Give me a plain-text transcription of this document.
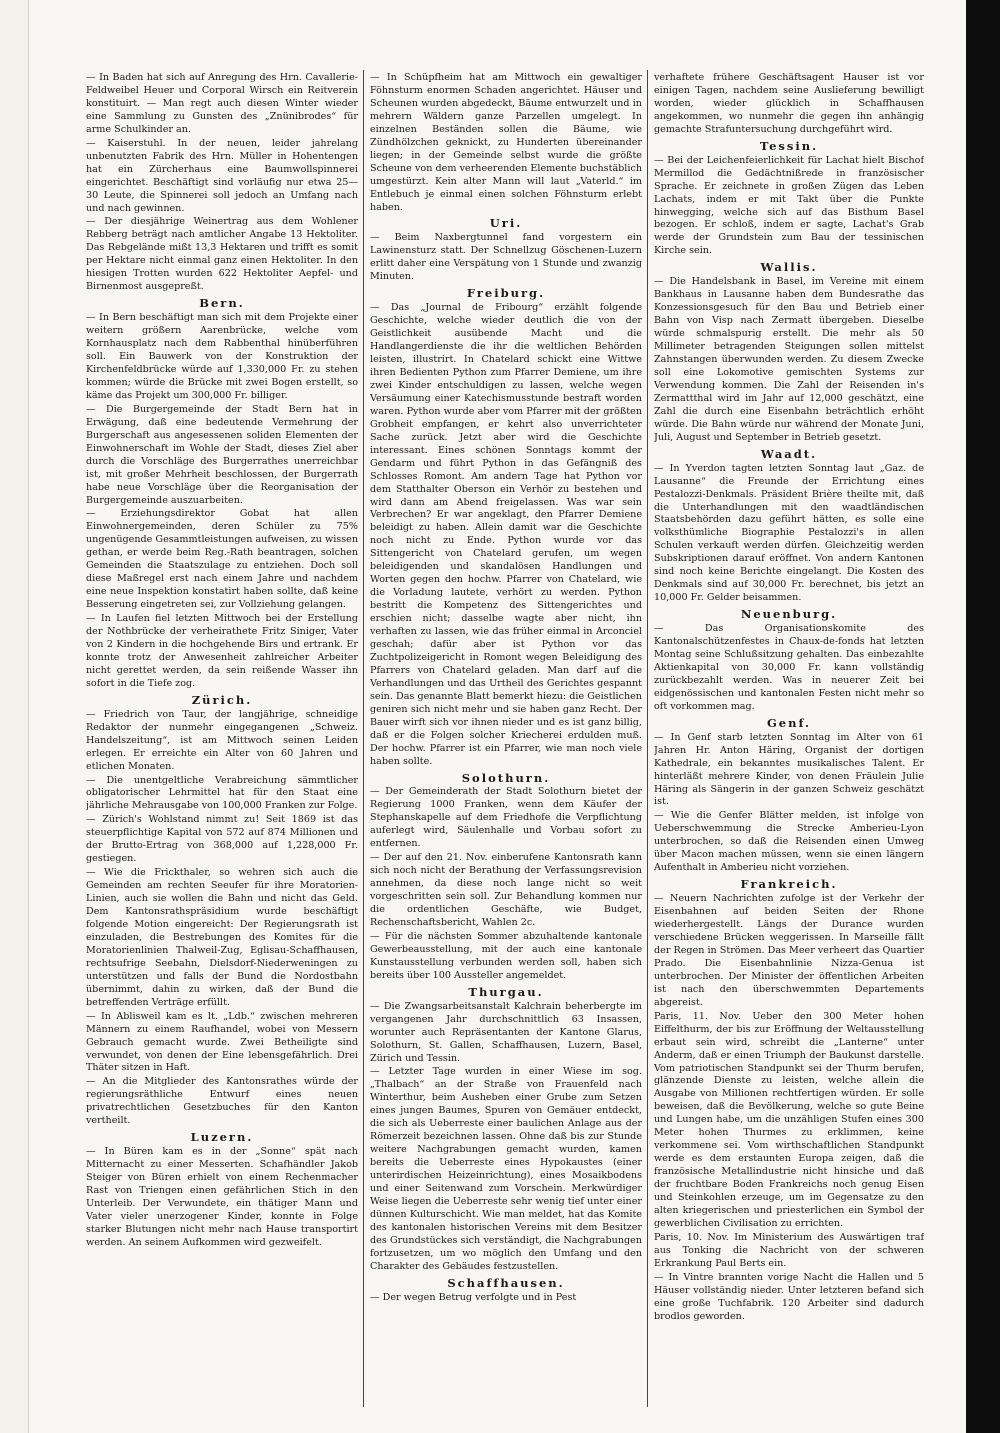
— In Baden hat sich auf Anregung des Hrn. Cavallerie-Feldweibel Heuer und Corporal Wirsch ein Reitverein konstituirt. — Man regt auch diesen Winter wieder eine Sammlung zu Gunsten des „Znünibrodes“ für arme Schulkinder an.

— Kaiserstuhl. In der neuen, leider jahrelang unbenutzten Fabrik des Hrn. Müller in Hohentengen hat ein Zürcherhaus eine Baumwollspinnerei eingerichtet. Beschäftigt sind vorläufig nur etwa 25—30 Leute, die Spinnerei soll jedoch an Umfang nach und nach gewinnen.

— Der diesjährige Weinertrag aus dem Wohlener Rebberg beträgt nach amtlicher Angabe 13 Hektoliter. Das Rebgelände mißt 13,3 Hektaren und trifft es somit per Hektare nicht einmal ganz einen Hektoliter. In den hiesigen Trotten wurden 622 Hektoliter Aepfel- und Birnenmost ausgepreßt.

Bern.

— In Bern beschäftigt man sich mit dem Projekte einer weitern größern Aarenbrücke, welche vom Kornhausplatz nach dem Rabbenthal hinüberführen soll. Ein Bauwerk von der Konstruktion der Kirchenfeldbrücke würde auf 1,330,000 Fr. zu stehen kommen; würde die Brücke mit zwei Bogen erstellt, so käme das Projekt um 300,000 Fr. billiger.

— Die Burgergemeinde der Stadt Bern hat in Erwägung, daß eine bedeutende Vermehrung der Burgerschaft aus angesessenen soliden Elementen der Einwohnerschaft im Wohle der Stadt, dieses Ziel aber durch die Vorschläge des Burgerrathes unerreichbar ist, mit großer Mehrheit beschlossen, der Burgerrath habe neue Vorschläge über die Reorganisation der Burgergemeinde auszuarbeiten.

— Erziehungsdirektor Gobat hat allen Einwohnergemeinden, deren Schüler zu 75% ungenügende Gesammtleistungen aufweisen, zu wissen gethan, er werde beim Reg.-Rath beantragen, solchen Gemeinden die Staatszulage zu entziehen. Doch soll diese Maßregel erst nach einem Jahre und nachdem eine neue Inspektion konstatirt haben sollte, daß keine Besserung eingetreten sei, zur Vollziehung gelangen.

— In Laufen fiel letzten Mittwoch bei der Erstellung der Nothbrücke der verheirathete Fritz Siniger, Vater von 2 Kindern in die hochgehende Birs und ertrank. Er konnte trotz der Anwesenheit zahlreicher Arbeiter nicht gerettet werden, da sein reißende Wasser ihn sofort in die Tiefe zog.

Zürich.

— Friedrich von Taur, der langjährige, schneidige Redaktor der nunmehr eingegangenen „Schweiz. Handelszeitung“, ist am Mittwoch seinen Leiden erlegen. Er erreichte ein Alter von 60 Jahren und etlichen Monaten.

— Die unentgeltliche Verabreichung sämmtlicher obligatorischer Lehrmittel hat für den Staat eine jährliche Mehrausgabe von 100,000 Franken zur Folge.

— Zürich's Wohlstand nimmt zu! Seit 1869 ist das steuerpflichtige Kapital von 572 auf 874 Millionen und der Brutto-Ertrag von 368,000 auf 1,228,000 Fr. gestiegen.

— Wie die Frickthaler, so wehren sich auch die Gemeinden am rechten Seeufer für ihre Moratorien-Linien, auch sie wollen die Bahn und nicht das Geld. Dem Kantonsrathspräsidium wurde beschäftigt folgende Motion eingereicht: Der Regierungsrath ist einzuladen, die Bestrebungen des Komites für die Moratorienlinien Thalweil-Zug, Eglisau-Schaffhausen, rechtsufrige Seebahn, Dielsdorf-Niederweningen zu unterstützen und falls der Bund die Nordostbahn übernimmt, dahin zu wirken, daß der Bund die betreffenden Verträge erfüllt.

— In Ablisweil kam es lt. „Ldb.“ zwischen mehreren Männern zu einem Raufhandel, wobei von Messern Gebrauch gemacht wurde. Zwei Betheiligte sind verwundet, von denen der Eine lebensgefährlich. Drei Thäter sitzen in Haft.

— An die Mitglieder des Kantonsrathes würde der regierungsräthliche Entwurf eines neuen privatrechtlichen Gesetzbuches für den Kanton vertheilt.

Luzern.

— In Büren kam es in der „Sonne“ spät nach Mitternacht zu einer Messerten. Schafhändler Jakob Steiger von Büren erhielt von einem Rechenmacher Rast von Triengen einen gefährlichen Stich in den Unterleib. Der Verwundete, ein thätiger Mann und Vater vieler unerzogener Kinder, konnte in Folge starker Blutungen nicht mehr nach Hause transportirt werden. An seinem Aufkommen wird gezweifelt.

— In Schüpfheim hat am Mittwoch ein gewaltiger Föhnsturm enormen Schaden angerichtet. Häuser und Scheunen wurden abgedeckt, Bäume entwurzelt und in mehrern Wäldern ganze Parzellen umgelegt. In einzelnen Beständen sollen die Bäume, wie Zündhölzchen geknickt, zu Hunderten übereinander liegen; in der Gemeinde selbst wurde die größte Scheune von dem verheerenden Elemente buchstäblich umgestürzt. Kein alter Mann will laut „Vaterld.“ im Entlebuch je einmal einen solchen Föhnsturm erlebt haben.

Uri.

— Beim Naxbergtunnel fand vorgestern ein Lawinensturz statt. Der Schnellzug Göschenen-Luzern erlitt daher eine Verspätung von 1 Stunde und zwanzig Minuten.

Freiburg.

— Das „Journal de Fribourg“ erzählt folgende Geschichte, welche wieder deutlich die von der Geistlichkeit ausübende Macht und die Handlangerdienste die ihr die weltlichen Behörden leisten, illustrirt. In Chatelard schickt eine Wittwe ihren Bedienten Python zum Pfarrer Demiene, um ihre zwei Kinder entschuldigen zu lassen, welche wegen Versäumung einer Katechismusstunde bestraft worden waren. Python wurde aber vom Pfarrer mit der größten Grobheit empfangen, er kehrt also unverrichteter Sache zurück. Jetzt aber wird die Geschichte interessant. Eines schönen Sonntags kommt der Gendarm und führt Python in das Gefängniß des Schlosses Romont. Am andern Tage hat Python vor dem Statthalter Oberson ein Verhör zu bestehen und wird dann am Abend freigelassen. Was war sein Verbrechen? Er war angeklagt, den Pfarrer Demiene beleidigt zu haben. Allein damit war die Geschichte noch nicht zu Ende. Python wurde vor das Sittengericht von Chatelard gerufen, um wegen beleidigenden und skandalösen Handlungen und Worten gegen den hochw. Pfarrer von Chatelard, wie die Vorladung lautete, verhört zu werden. Python bestritt die Kompetenz des Sittengerichtes und erschien nicht; dasselbe wagte aber nicht, ihn verhaften zu lassen, wie das früher einmal in Arconciel geschah; dafür aber ist Python vor das Zuchtpolizeigericht in Romont wegen Beleidigung des Pfarrers von Chatelard geladen. Man darf auf die Verhandlungen und das Urtheil des Gerichtes gespannt sein. Das genannte Blatt bemerkt hiezu: die Geistlichen geniren sich nicht mehr und sie haben ganz Recht. Der Bauer wirft sich vor ihnen nieder und es ist ganz billig, daß er die Folgen solcher Kriecherei erdulden muß. Der hochw. Pfarrer ist ein Pfarrer, wie man noch viele haben sollte.

Solothurn.

— Der Gemeinderath der Stadt Solothurn bietet der Regierung 1000 Franken, wenn dem Käufer der Stephanskapelle auf dem Friedhofe die Verpflichtung auferlegt wird, Säulenhalle und Vorbau sofort zu entfernen.

— Der auf den 21. Nov. einberufene Kantonsrath kann sich noch nicht der Berathung der Verfassungsrevision annehmen, da diese noch lange nicht so weit vorgeschritten sein soll. Zur Behandlung kommen nur die ordentlichen Geschäfte, wie Budget, Rechenschaftsbericht, Wahlen 2c.

— Für die nächsten Sommer abzuhaltende kantonale Gewerbeausstellung, mit der auch eine kantonale Kunstausstellung verbunden werden soll, haben sich bereits über 100 Aussteller angemeldet.

Thurgau.

— Die Zwangsarbeitsanstalt Kalchrain beherbergte im vergangenen Jahr durchschnittlich 63 Insassen, worunter auch Repräsentanten der Kantone Glarus, Solothurn, St. Gallen, Schaffhausen, Luzern, Basel, Zürich und Tessin.

— Letzter Tage wurden in einer Wiese im sog. „Thalbach“ an der Straße von Frauenfeld nach Winterthur, beim Ausheben einer Grube zum Setzen eines jungen Baumes, Spuren von Gemäuer entdeckt, die sich als Ueberreste einer baulichen Anlage aus der Römerzeit bezeichnen lassen. Ohne daß bis zur Stunde weitere Nachgrabungen gemacht wurden, kamen bereits die Ueberreste eines Hypokaustes (einer unterirdischen Heizeinrichtung), eines Mosaikbodens und einer Seitenwand zum Vorschein. Merkwürdiger Weise liegen die Ueberreste sehr wenig tief unter einer dünnen Kulturschicht. Wie man meldet, hat das Komite des kantonalen historischen Vereins mit dem Besitzer des Grundstückes sich verständigt, die Nachgrabungen fortzusetzen, um wo möglich den Umfang und den Charakter des Gebäudes festzustellen.

Schaffhausen.

— Der wegen Betrug verfolgte und in Pest

verhaftete frühere Geschäftsagent Hauser ist vor einigen Tagen, nachdem seine Auslieferung bewilligt worden, wieder glücklich in Schaffhausen angekommen, wo nunmehr die gegen ihn anhängig gemachte Strafuntersuchung durchgeführt wird.

Tessin.

— Bei der Leichenfeierlichkeit für Lachat hielt Bischof Mermillod die Gedächtnißrede in französischer Sprache. Er zeichnete in großen Zügen das Leben Lachats, indem er mit Takt über die Punkte hinwegging, welche sich auf das Bisthum Basel bezogen. Er schloß, indem er sagte, Lachat's Grab werde der Grundstein zum Bau der tessinischen Kirche sein.

Wallis.

— Die Handelsbank in Basel, im Vereine mit einem Bankhaus in Lausanne haben dem Bundesrathe das Konzessionsgesuch für den Bau und Betrieb einer Bahn von Visp nach Zermatt übergeben. Dieselbe würde schmalspurig erstellt. Die mehr als 50 Millimeter betragenden Steigungen sollen mittelst Zahnstangen überwunden werden. Zu diesem Zwecke soll eine Lokomotive gemischten Systems zur Verwendung kommen. Die Zahl der Reisenden in's Zermattthal wird im Jahr auf 12,000 geschätzt, eine Zahl die durch eine Eisenbahn beträchtlich erhöht würde. Die Bahn würde nur während der Monate Juni, Juli, August und September in Betrieb gesetzt.

Waadt.

— In Yverdon tagten letzten Sonntag laut „Gaz. de Lausanne“ die Freunde der Errichtung eines Pestalozzi-Denkmals. Präsident Brière theilte mit, daß die Unterhandlungen mit den waadtländischen Staatsbehörden dazu geführt hätten, es solle eine volksthümliche Biographie Pestalozzi's in allen Schulen verkauft werden dürfen. Gleichzeitig werden Subskriptionen darauf eröffnet. Von andern Kantonen sind noch keine Berichte eingelangt. Die Kosten des Denkmals sind auf 30,000 Fr. berechnet, bis jetzt an 10,000 Fr. Gelder beisammen.

Neuenburg.

— Das Organisationskomite des Kantonalschützenfestes in Chaux-de-fonds hat letzten Montag seine Schlußsitzung gehalten. Das einbezahlte Aktienkapital von 30,000 Fr. kann vollständig zurückbezahlt werden. Was in neuerer Zeit bei eidgenössischen und kantonalen Festen nicht mehr so oft vorkommen mag.

Genf.

— In Genf starb letzten Sonntag im Alter von 61 Jahren Hr. Anton Häring, Organist der dortigen Kathedrale, ein bekanntes musikalisches Talent. Er hinterläßt mehrere Kinder, von denen Fräulein Julie Häring als Sängerin in der ganzen Schweiz geschätzt ist.

— Wie die Genfer Blätter melden, ist infolge von Ueberschwemmung die Strecke Amberieu-Lyon unterbrochen, so daß die Reisenden einen Umweg über Macon machen müssen, wenn sie einen längern Aufenthalt in Amberieu nicht vorziehen.

Frankreich.

— Neuern Nachrichten zufolge ist der Verkehr der Eisenbahnen auf beiden Seiten der Rhone wiederhergestellt. Längs der Durance wurden verschiedene Brücken weggerissen. In Marseille fällt der Regen in Strömen. Das Meer verheert das Quartier Prado. Die Eisenbahnlinie Nizza-Genua ist unterbrochen. Der Minister der öffentlichen Arbeiten ist nach den überschwemmten Departements abgereist.

Paris, 11. Nov. Ueber den 300 Meter hohen Eiffelthurm, der bis zur Eröffnung der Weltausstellung erbaut sein wird, schreibt die „Lanterne“ unter Anderm, daß er einen Triumph der Baukunst darstelle. Vom patriotischen Standpunkt sei der Thurm berufen, glänzende Dienste zu leisten, welche allein die Ausgabe von Millionen rechtfertigen würden. Er solle beweisen, daß die Bevölkerung, welche so gute Beine und Lungen habe, um die unzähligen Stufen eines 300 Meter hohen Thurmes zu erklimmen, keine verkommene sei. Vom wirthschaftlichen Standpunkt werde es dem erstaunten Europa zeigen, daß die französische Metallindustrie nicht hinsiche und daß der fruchtbare Boden Frankreichs noch genug Eisen und Steinkohlen erzeuge, um im Gegensatze zu den alten kriegerischen und priesterlichen ein Symbol der gewerblichen Civilisation zu errichten.

Paris, 10. Nov. Im Ministerium des Auswärtigen traf aus Tonking die Nachricht von der schweren Erkrankung Paul Berts ein.

— In Vintre brannten vorige Nacht die Hallen und 5 Häuser vollständig nieder. Unter letzteren befand sich eine große Tuchfabrik. 120 Arbeiter sind dadurch brodlos geworden.
